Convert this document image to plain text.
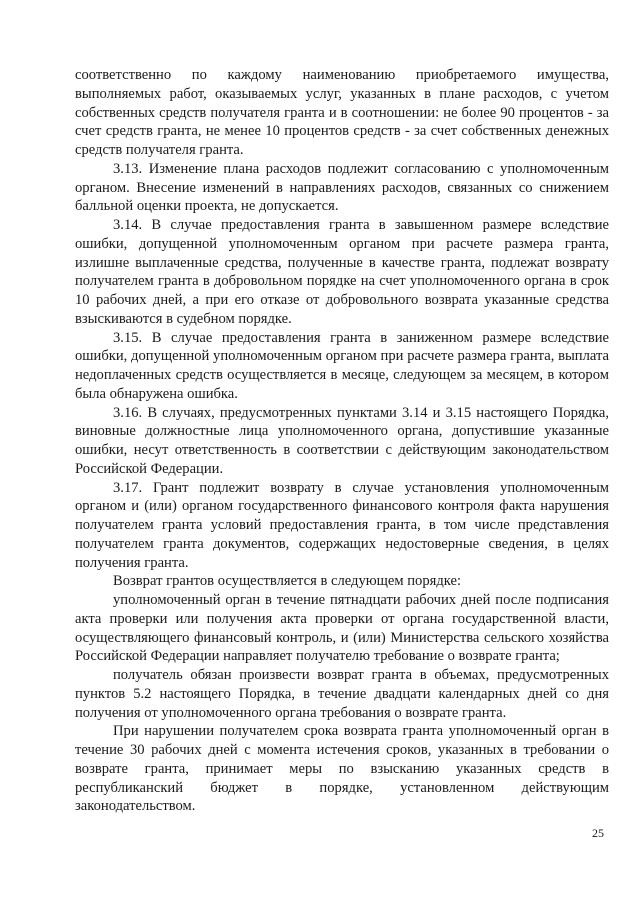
соответственно по каждому наименованию приобретаемого имущества, выполняемых работ, оказываемых услуг, указанных в плане расходов, с учетом собственных средств получателя гранта и в соотношении: не более 90 процентов - за счет средств гранта, не менее 10 процентов средств - за счет собственных денежных средств получателя гранта.

3.13. Изменение плана расходов подлежит согласованию с уполномоченным органом. Внесение изменений в направлениях расходов, связанных со снижением балльной оценки проекта, не допускается.

3.14. В случае предоставления гранта в завышенном размере вследствие ошибки, допущенной уполномоченным органом при расчете размера гранта, излишне выплаченные средства, полученные в качестве гранта, подлежат возврату получателем гранта в добровольном порядке на счет уполномоченного органа в срок 10 рабочих дней, а при его отказе от добровольного возврата указанные средства взыскиваются в судебном порядке.

3.15. В случае предоставления гранта в заниженном размере вследствие ошибки, допущенной уполномоченным органом при расчете размера гранта, выплата недоплаченных средств осуществляется в месяце, следующем за месяцем, в котором была обнаружена ошибка.

3.16. В случаях, предусмотренных пунктами 3.14 и 3.15 настоящего Порядка, виновные должностные лица уполномоченного органа, допустившие указанные ошибки, несут ответственность в соответствии с действующим законодательством Российской Федерации.

3.17. Грант подлежит возврату в случае установления уполномоченным органом и (или) органом государственного финансового контроля факта нарушения получателем гранта условий предоставления гранта, в том числе представления получателем гранта документов, содержащих недостоверные сведения, в целях получения гранта.

Возврат грантов осуществляется в следующем порядке:

уполномоченный орган в течение пятнадцати рабочих дней после подписания акта проверки или получения акта проверки от органа государственной власти, осуществляющего финансовый контроль, и (или) Министерства сельского хозяйства Российской Федерации направляет получателю требование о возврате гранта;

получатель обязан произвести возврат гранта в объемах, предусмотренных пунктов 5.2 настоящего Порядка, в течение двадцати календарных дней со дня получения от уполномоченного органа требования о возврате гранта.

При нарушении получателем срока возврата гранта уполномоченный орган в течение 30 рабочих дней с момента истечения сроков, указанных в требовании о возврате гранта, принимает меры по взысканию указанных средств в республиканский бюджет в порядке, установленном действующим законодательством.

25
